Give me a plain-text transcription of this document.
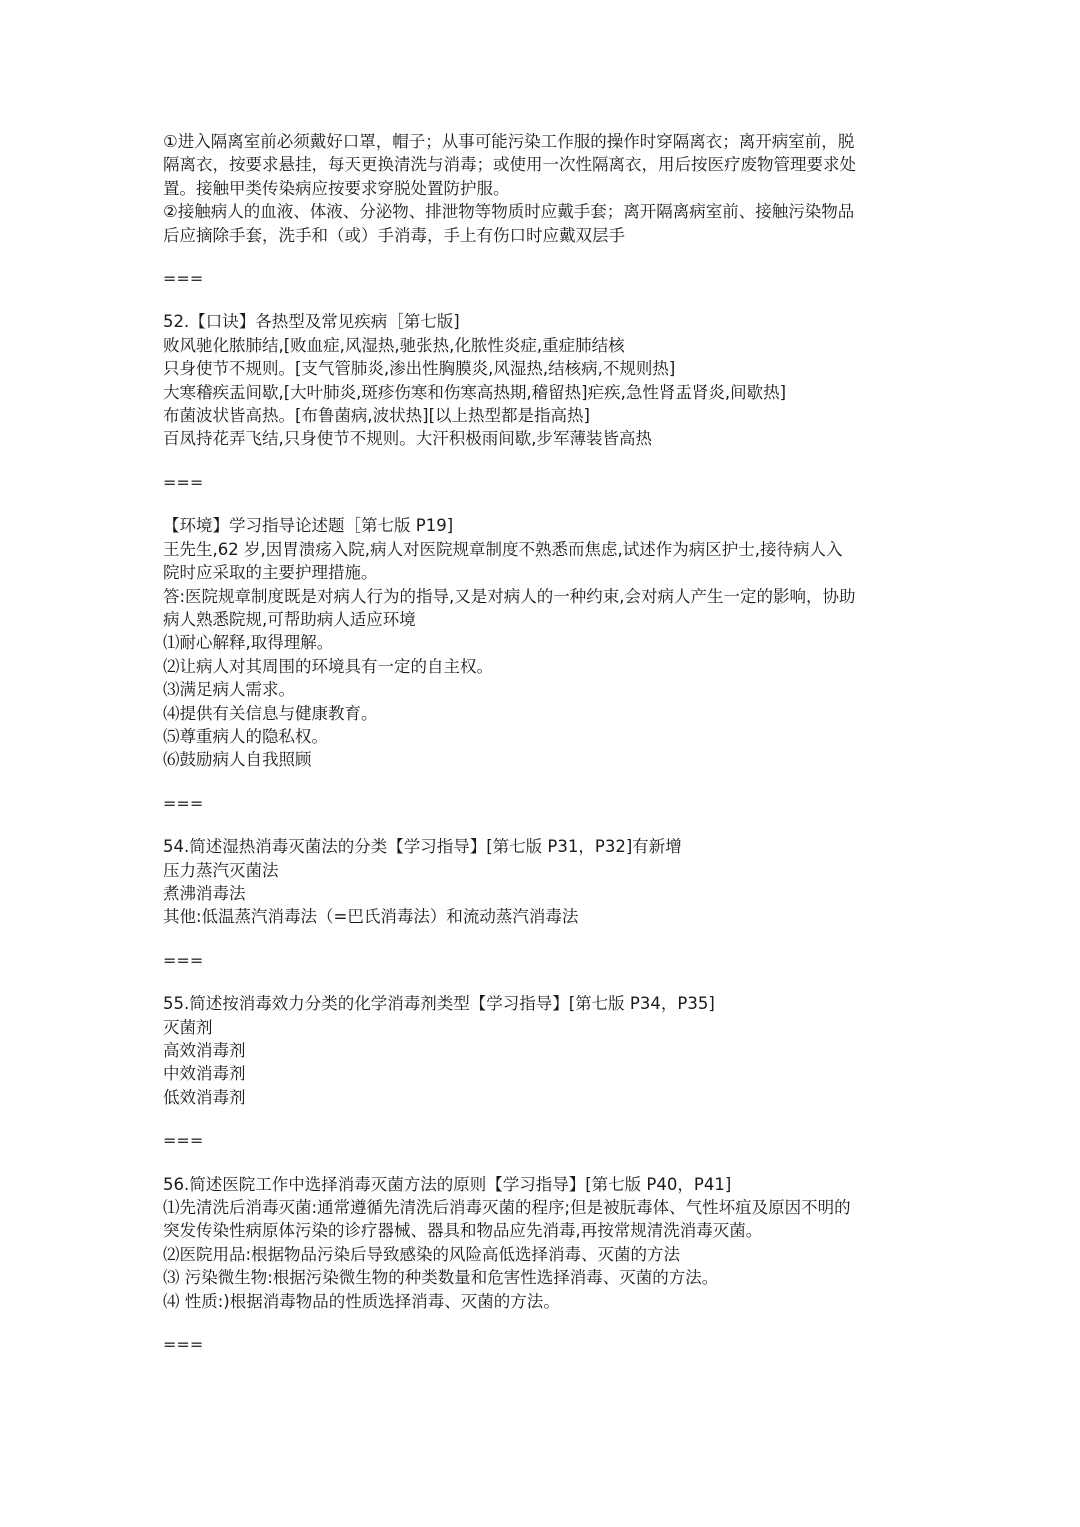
①进入隔离室前必须戴好口罩，帽子；从事可能污染工作服的操作时穿隔离衣；离开病室前，脱
隔离衣，按要求悬挂，每天更换清洗与消毒；或使用一次性隔离衣，用后按医疗废物管理要求处
置。接触甲类传染病应按要求穿脱处置防护服。
②接触病人的血液、体液、分泌物、排泄物等物质时应戴手套；离开隔离病室前、接触污染物品
后应摘除手套，洗手和（或）手消毒，手上有伤口时应戴双层手
===
52.【口诀】各热型及常见疾病［第七版]
败风驰化脓肺结,[败血症,风湿热,驰张热,化脓性炎症,重症肺结核
只身使节不规则。[支气管肺炎,渗出性胸膜炎,风湿热,结核病,不规则热]
大寒稽疾盂间歇,[大叶肺炎,斑疹伤寒和伤寒高热期,稽留热]疟疾,急性肾盂肾炎,间歇热]
布菌波状皆高热。[布鲁菌病,波状热][以上热型都是指高热]
百凤持花弄飞结,只身使节不规则。大汗积极雨间歇,步军薄装皆高热
===
【环境】学习指导论述题［第七版 P19]
王先生,62 岁,因胃溃疡入院,病人对医院规章制度不熟悉而焦虑,试述作为病区护士,接待病人入
院时应采取的主要护理措施。
答:医院规章制度既是对病人行为的指导,又是对病人的一种约束,会对病人产生一定的影响，协助
病人熟悉院规,可帮助病人适应环境
⑴耐心解释,取得理解。
⑵让病人对其周围的环境具有一定的自主权。
⑶满足病人需求。
⑷提供有关信息与健康教育。
⑸尊重病人的隐私权。
⑹鼓励病人自我照顾
===
54.简述湿热消毒灭菌法的分类【学习指导】[第七版 P31，P32]有新增
压力蒸汽灭菌法
煮沸消毒法
其他:低温蒸汽消毒法（=巴氏消毒法）和流动蒸汽消毒法
===
55.简述按消毒效力分类的化学消毒剂类型【学习指导】[第七版 P34，P35]
灭菌剂
高效消毒剂
中效消毒剂
低效消毒剂
===
56.简述医院工作中选择消毒灭菌方法的原则【学习指导】[第七版 P40，P41]
⑴先清洗后消毒灭菌:通常遵循先清洗后消毒灭菌的程序;但是被朊毒体、气性坏疽及原因不明的
突发传染性病原体污染的诊疗器械、器具和物品应先消毒,再按常规清洗消毒灭菌。
⑵医院用品:根据物品污染后导致感染的风险高低选择消毒、灭菌的方法
⑶ 污染微生物:根据污染微生物的种类数量和危害性选择消毒、灭菌的方法。
⑷ 性质:)根据消毒物品的性质选择消毒、灭菌的方法。
===
